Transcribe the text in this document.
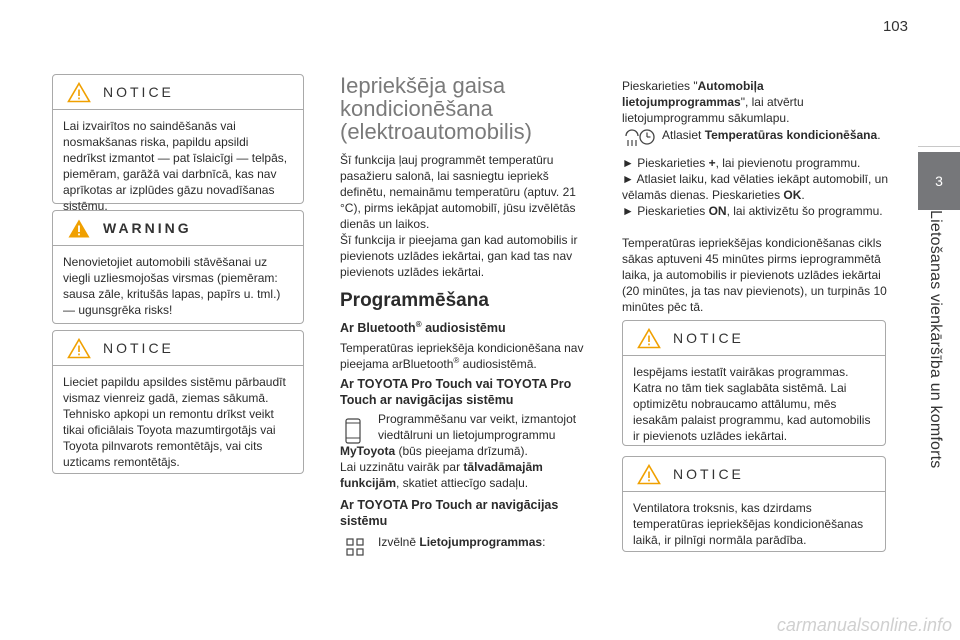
103
3
Lietošanas vienkāršība un komforts
NOTICE
Lai izvairītos no saindēšanās vai nosmakšanas riska, papildu apsildi nedrīkst izmantot — pat īslaicīgi — telpās, piemēram, garāžā vai darbnīcā, kas nav aprīkotas ar izplūdes gāzu novadīšanas sistēmu.
WARNING
Nenovietojiet automobili stāvēšanai uz viegli uzliesmojošas virsmas (piemēram: sausa zāle, kritušās lapas, papīrs u. tml.) — ugunsgrēka risks!
NOTICE
Lieciet papildu apsildes sistēmu pārbaudīt vismaz vienreiz gadā, ziemas sākumā. Tehnisko apkopi un remontu drīkst veikt tikai oficiālais Toyota mazumtirgotājs vai Toyota pilnvarots remontētājs, vai cits uzticams remontētājs.
Iepriekšēja gaisa kondicionēšana (elektroautomobilis)
Šī funkcija ļauj programmēt temperatūru pasažieru salonā, lai sasniegtu iepriekš definētu, nemaināmu temperatūru (aptuv. 21 °C), pirms iekāpjat automobilī, jūsu izvēlētās dienās un laikos.
Šī funkcija ir pieejama gan kad automobilis ir pievienots uzlādes iekārtai, gan kad tas nav pievienots uzlādes iekārtai.
Programmēšana
Ar Bluetooth® audiosistēmu
Temperatūras iepriekšēja kondicionēšana nav pieejama arBluetooth® audiosistēmā.
Ar TOYOTA Pro Touch vai TOYOTA Pro Touch ar navigācijas sistēmu
Programmēšanu var veikt, izmantojot viedtālruni un lietojumprogrammu
MyToyota (būs pieejama drīzumā).
Lai uzzinātu vairāk par tālvadāmajām funkcijām, skatiet attiecīgo sadaļu.
Ar TOYOTA Pro Touch ar navigācijas sistēmu
Izvēlnē Lietojumprogrammas:
Pieskarieties "Automobiļa lietojumprogrammas", lai atvērtu lietojumprogrammu sākumlapu.
Atlasiet Temperatūras kondicionēšana.
► Pieskarieties +, lai pievienotu programmu.
► Atlasiet laiku, kad vēlaties iekāpt automobilī, un vēlamās dienas. Pieskarieties OK.
► Pieskarieties ON, lai aktivizētu šo programmu.
Temperatūras iepriekšējas kondicionēšanas cikls sākas aptuveni 45 minūtes pirms ieprogrammētā laika, ja automobilis ir pievienots uzlādes iekārtai (20 minūtes, ja tas nav pievienots), un turpinās 10 minūtes pēc tā.
NOTICE
Iespējams iestatīt vairākas programmas. Katra no tām tiek saglabāta sistēmā. Lai optimizētu nobraucamo attālumu, mēs iesakām palaist programmu, kad automobilis ir pievienots uzlādes iekārtai.
NOTICE
Ventilatora troksnis, kas dzirdams temperatūras iepriekšējas kondicionēšanas laikā, ir pilnīgi normāla parādība.
carmanualsonline.info
